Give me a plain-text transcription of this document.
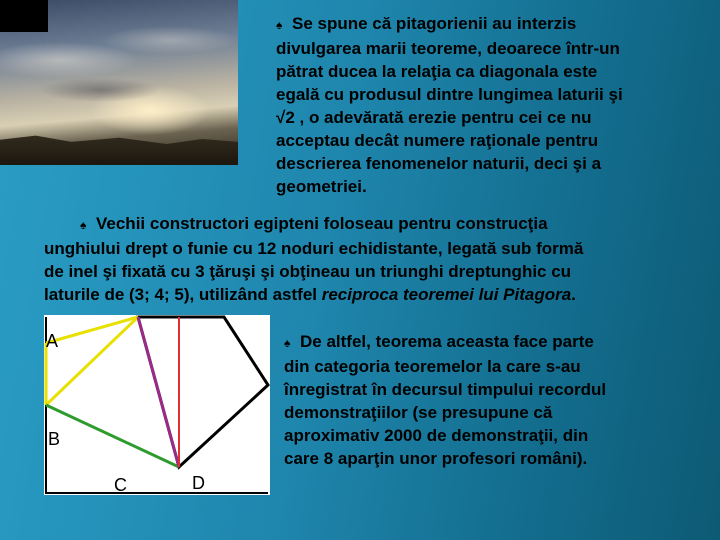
♠ Se spune că pitagorienii au interzis
divulgarea marii teoreme, deoarece într-un
pătrat ducea la relaţia ca diagonala este
egală cu produsul dintre lungimea laturii şi
√2 , o adevărată erezie pentru cei ce nu
acceptau decât numere raţionale pentru
descrierea fenomenelor naturii, deci şi a
geometriei.
♠ Vechii constructori egipteni foloseau pentru construcţia
unghiului drept o funie cu 12 noduri echidistante, legată sub formă
de inel şi fixată cu 3 ţăruşi şi obţineau un triunghi dreptunghic cu
laturile de (3; 4; 5), utilizând astfel reciproca teoremei lui Pitagora.
A
B
C	D
♠ De altfel, teorema aceasta face parte
din categoria teoremelor la care s-au
înregistrat în decursul timpului recordul
demonstraţiilor (se presupune că
aproximativ 2000 de demonstraţii, din
care 8 aparţin unor profesori români).
